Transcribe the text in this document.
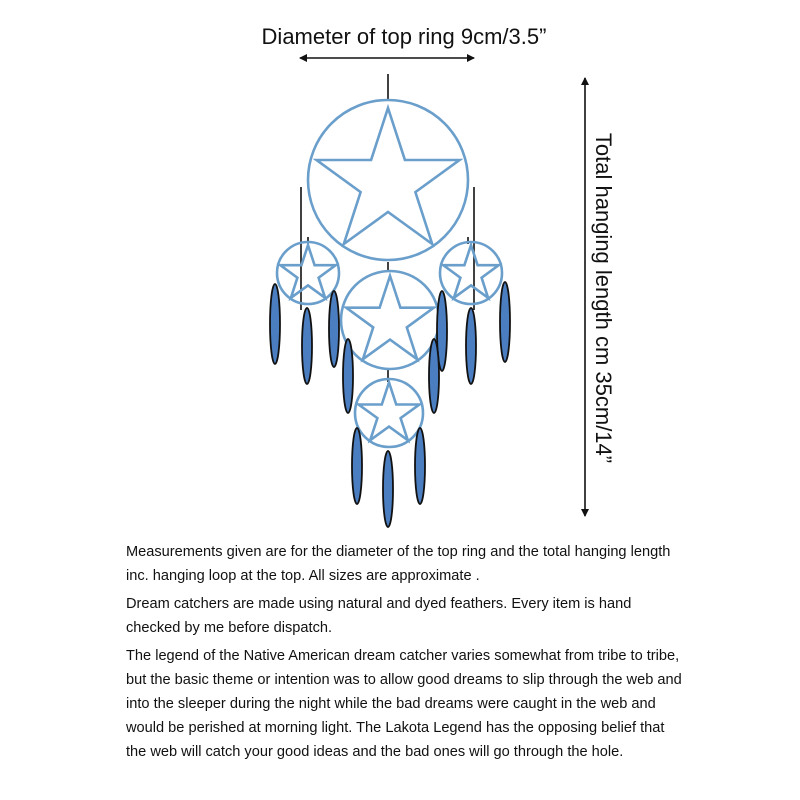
Diameter of top ring 9cm/3.5”
Total hanging length cm 35cm/14”

Measurements given are for the diameter of the top ring and the total hanging length inc. hanging loop at the top. All sizes are approximate .

Dream catchers are made using natural and dyed feathers. Every item is hand checked by me before dispatch.

The legend of the Native American dream catcher varies somewhat from tribe to tribe, but the basic theme or intention was to allow good dreams to slip through the web and into the sleeper during the night while the bad dreams were caught in the web and would be perished at morning light. The Lakota Legend has the opposing belief that the web will catch your good ideas and the bad ones will go through the hole.
